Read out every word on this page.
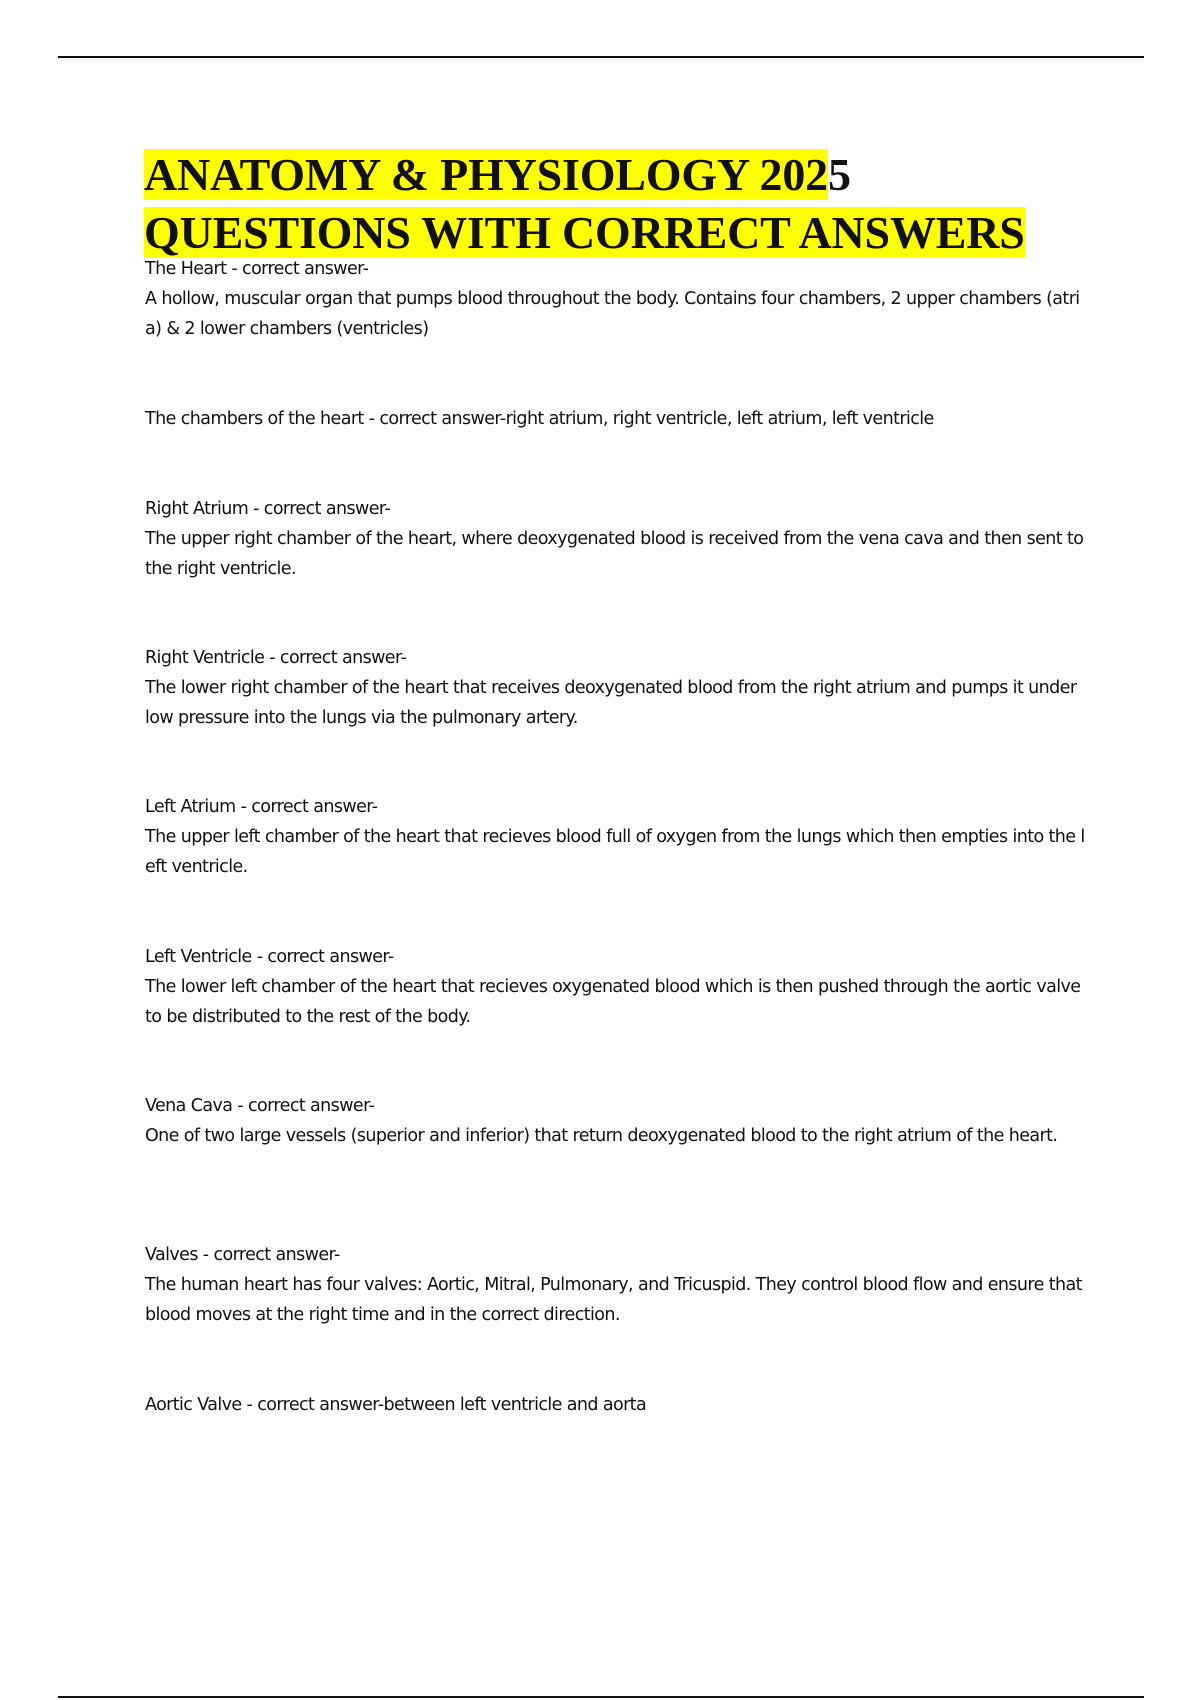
ANATOMY & PHYSIOLOGY 2025
QUESTIONS WITH CORRECT ANSWERS
The Heart - correct answer-
A hollow, muscular organ that pumps blood throughout the body. Contains four chambers, 2 upper chambers (atria) & 2 lower chambers (ventricles)
The chambers of the heart - correct answer-right atrium, right ventricle, left atrium, left ventricle
Right Atrium - correct answer-
The upper right chamber of the heart, where deoxygenated blood is received from the vena cava and then sent to the right ventricle.
Right Ventricle - correct answer-
The lower right chamber of the heart that receives deoxygenated blood from the right atrium and pumps it under low pressure into the lungs via the pulmonary artery.
Left Atrium - correct answer-
The upper left chamber of the heart that recieves blood full of oxygen from the lungs which then empties into the left ventricle.
Left Ventricle - correct answer-
The lower left chamber of the heart that recieves oxygenated blood which is then pushed through the aortic valve to be distributed to the rest of the body.
Vena Cava - correct answer-
One of two large vessels (superior and inferior) that return deoxygenated blood to the right atrium of the heart.
Valves - correct answer-
The human heart has four valves: Aortic, Mitral, Pulmonary, and Tricuspid. They control blood flow and ensure that blood moves at the right time and in the correct direction.
Aortic Valve - correct answer-between left ventricle and aorta
